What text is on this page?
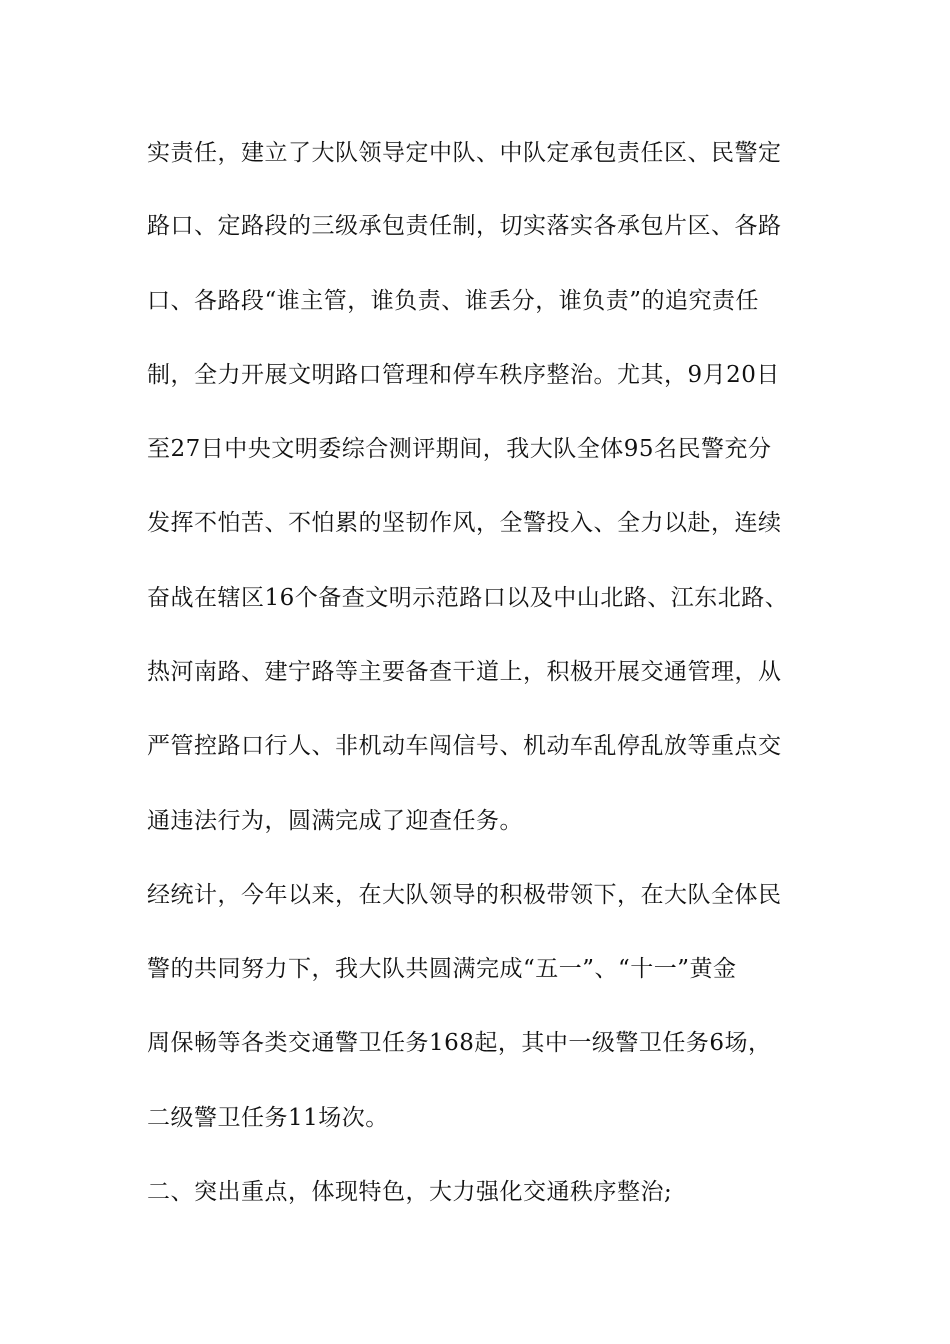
实责任，建立了大队领导定中队、中队定承包责任区、民警定
路口、定路段的三级承包责任制，切实落实各承包片区、各路
口、各路段“谁主管，谁负责、谁丢分，谁负责”的追究责任
制，全力开展文明路口管理和停车秩序整治。尤其，9月20日
至27日中央文明委综合测评期间，我大队全体95名民警充分
发挥不怕苦、不怕累的坚韧作风，全警投入、全力以赴，连续
奋战在辖区16个备查文明示范路口以及中山北路、江东北路、
热河南路、建宁路等主要备查干道上，积极开展交通管理，从
严管控路口行人、非机动车闯信号、机动车乱停乱放等重点交
通违法行为，圆满完成了迎查任务。
经统计，今年以来，在大队领导的积极带领下，在大队全体民
警的共同努力下，我大队共圆满完成“五一”、“十一”黄金
周保畅等各类交通警卫任务168起，其中一级警卫任务6场，
二级警卫任务11场次。
二、突出重点，体现特色，大力强化交通秩序整治;
